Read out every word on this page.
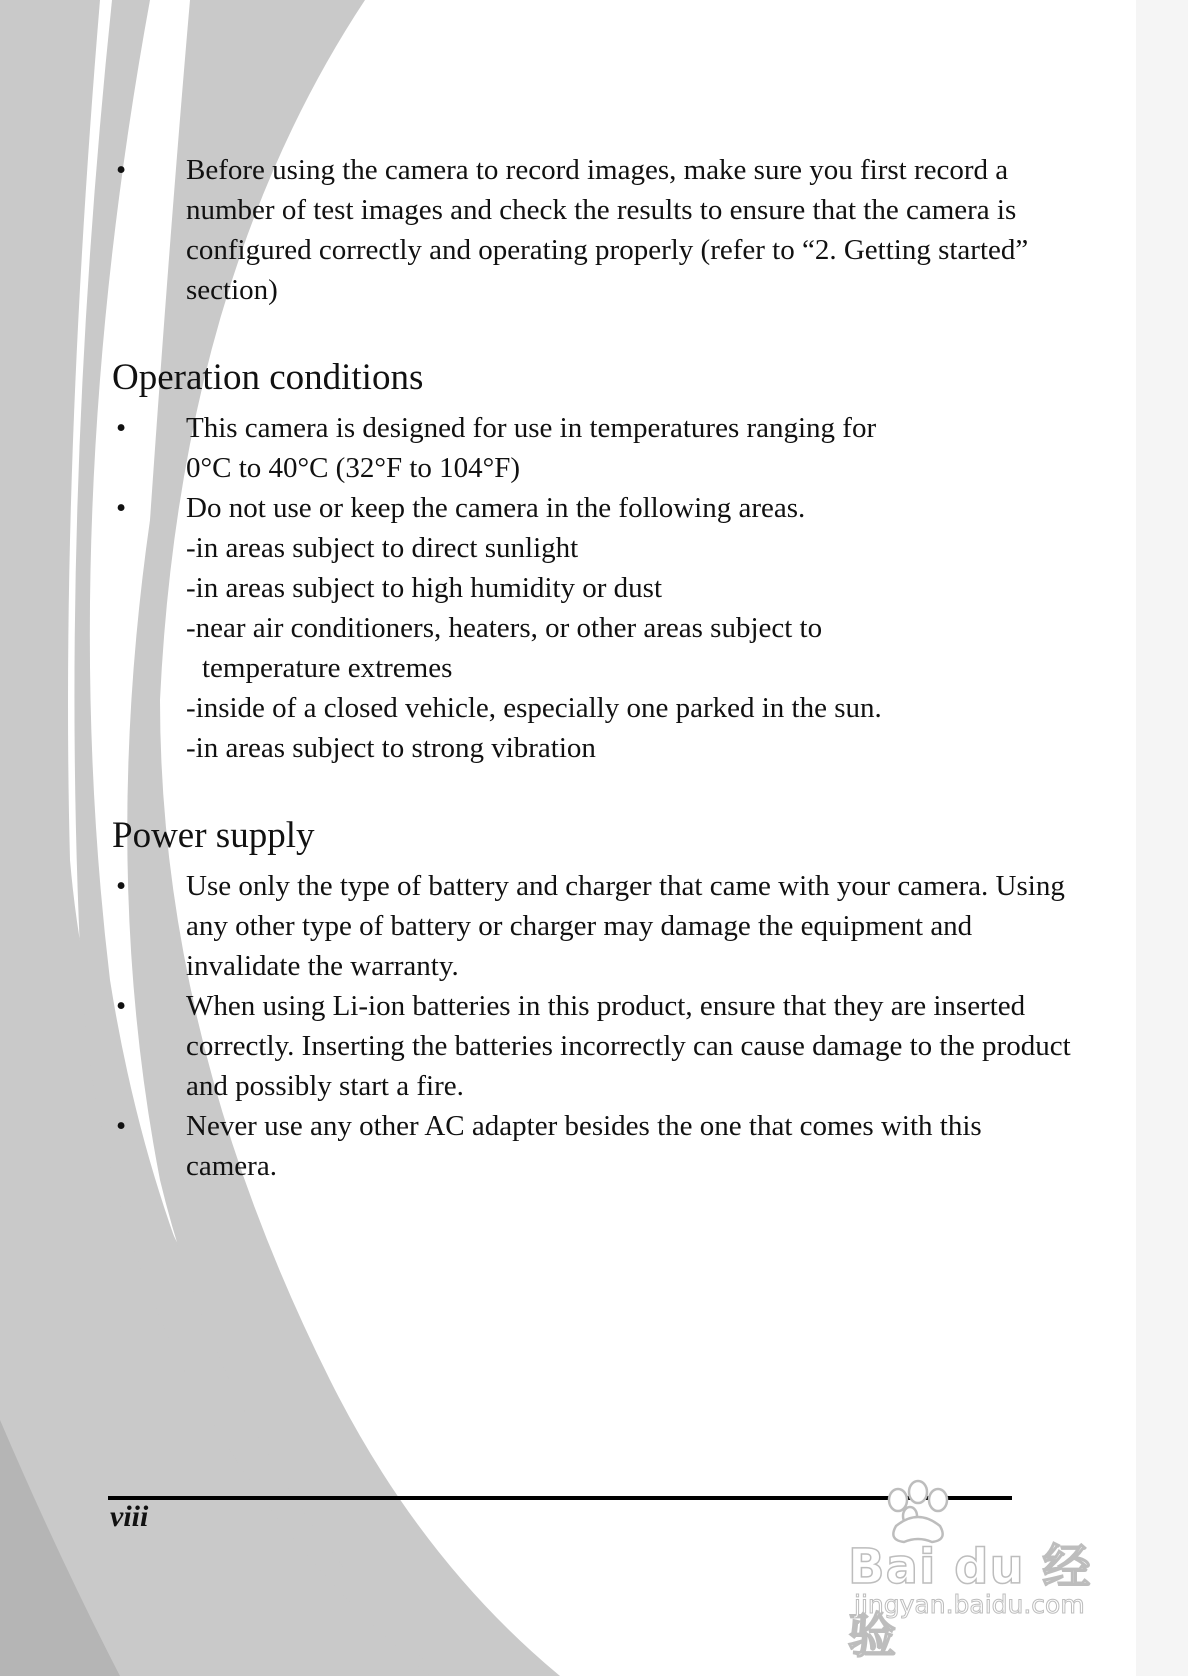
•	Before using the camera to record images, make sure you first record a number of test images and check the results to ensure that the camera is configured correctly and operating properly (refer to “2. Getting started” section)
Operation conditions
•	This camera is designed for use in temperatures ranging for
0°C to 40°C (32°F to 104°F)
•	Do not use or keep the camera in the following areas.
-in areas subject to direct sunlight
-in areas subject to high humidity or dust
-near air conditioners, heaters, or other areas subject to
temperature extremes
-inside of a closed vehicle, especially one parked in the sun.
-in areas subject to strong vibration
Power supply
•	Use only the type of battery and charger that came with your camera. Using any other type of battery or charger may damage the equipment and invalidate the warranty.
•	When using Li-ion batteries in this product, ensure that they are inserted correctly. Inserting the batteries incorrectly can cause damage to the product and possibly start a fire.
•	Never use any other AC adapter besides the one that comes with this camera.
viii
Bai du 经验
jingyan.baidu.com
